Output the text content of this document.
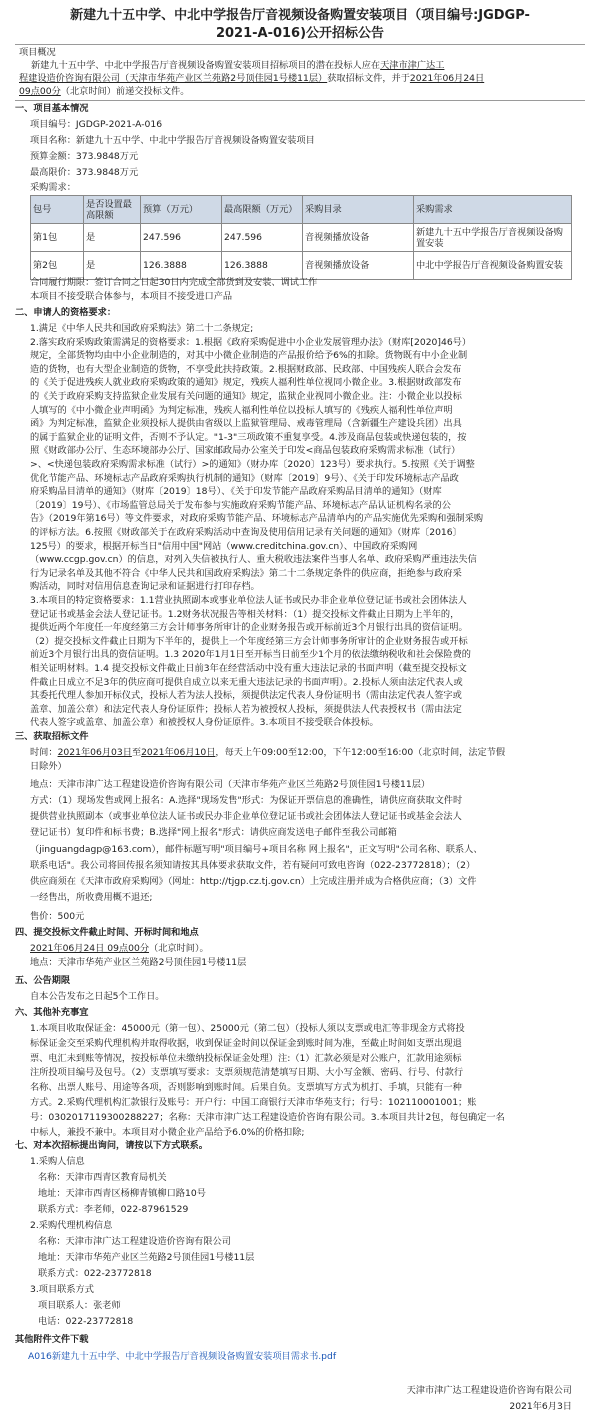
新建九十五中学、中北中学报告厅音视频设备购置安装项目（项目编号:JGDGP-
2021-A-016)公开招标公告
项目概况
新建九十五中学、中北中学报告厅音视频设备购置安装项目招标项目的潜在投标人应在天津市津广达工
程建设造价咨询有限公司（天津市华苑产业区兰苑路2号顶佳园1号楼11层）获取招标文件，并于2021年06月24日
09点00分（北京时间）前递交投标文件。
一、项目基本情况
项目编号：JGDGP-2021-A-016
项目名称：新建九十五中学、中北中学报告厅音视频设备购置安装项目
预算金额：373.9848万元
最高限价：373.9848万元
采购需求：
包号	是否设置最高限额	预算（万元）	最高限额（万元）	采购目录	采购需求
第1包	是	247.596	247.596	音视频播放设备	新建九十五中学报告厅音视频设备购置安装
第2包	是	126.3888	126.3888	音视频播放设备	中北中学报告厅音视频设备购置安装
合同履行期限：签订合同之日起30日内完成全部货到及安装、调试工作
本项目不接受联合体参与，本项目不接受进口产品
二、申请人的资格要求：
1.满足《中华人民共和国政府采购法》第二十二条规定;
2.落实政府采购政策需满足的资格要求：1.根据《政府采购促进中小企业发展管理办法》（财库[2020]46号）
规定，全部货物均由中小企业制造的，对其中小微企业制造的产品报价给予6%的扣除。货物既有中小企业制
造的货物，也有大型企业制造的货物，不享受此扶持政策。2.根据财政部、民政部、中国残疾人联合会发布
的《关于促进残疾人就业政府采购政策的通知》规定，残疾人福利性单位视同小微企业。3.根据财政部发布
的《关于政府采购支持监狱企业发展有关问题的通知》规定，监狱企业视同小微企业。注：小微企业以投标
人填写的《中小微企业声明函》为判定标准，残疾人福利性单位以投标人填写的《残疾人福利性单位声明
函》为判定标准，监狱企业须投标人提供由省级以上监狱管理局、戒毒管理局（含新疆生产建设兵团）出具
的属于监狱企业的证明文件，否则不予认定。"1-3"三项政策不重复享受。4.涉及商品包装或快递包装的，按
照《财政部办公厅、生态环境部办公厅、国家邮政局办公室关于印发<商品包装政府采购需求标准（试行）
>、<快递包装政府采购需求标准（试行）>的通知》（财办库〔2020〕123号）要求执行。5.按照《关于调整
优化节能产品、环境标志产品政府采购执行机制的通知》（财库〔2019〕9号）、《关于印发环境标志产品政
府采购品目清单的通知》（财库〔2019〕18号）、《关于印发节能产品政府采购品目清单的通知》（财库
〔2019〕19号）、《市场监管总局关于发布参与实施政府采购节能产品、环境标志产品认证机构名录的公
告》（2019年第16号）等文件要求，对政府采购节能产品、环境标志产品清单内的产品实施优先采购和强制采购
的评标方法。6.按照《财政部关于在政府采购活动中查询及使用信用记录有关问题的通知》（财库〔2016〕
125号）的要求，根据开标当日"信用中国"网站（www.creditchina.gov.cn）、中国政府采购网
（www.ccgp.gov.cn）的信息，对列入失信被执行人、重大税收违法案件当事人名单、政府采购严重违法失信
行为记录名单及其他不符合《中华人民共和国政府采购法》第二十二条规定条件的供应商，拒绝参与政府采
购活动，同时对信用信息查询记录和证据进行打印存档。
3.本项目的特定资格要求：1.1营业执照副本或事业单位法人证书或民办非企业单位登记证书或社会团体法人
登记证书或基金会法人登记证书。1.2财务状况报告等相关材料：（1）提交投标文件截止日期为上半年的，
提供近两个年度任一年度经第三方会计师事务所审计的企业财务报告或开标前近3个月银行出具的资信证明。
（2）提交投标文件截止日期为下半年的，提供上一个年度经第三方会计师事务所审计的企业财务报告或开标
前近3个月银行出具的资信证明。1.3 2020年1月1日至开标当日前至少1个月的依法缴纳税收和社会保险费的
相关证明材料。1.4 提交投标文件截止日前3年在经营活动中没有重大违法记录的书面声明（截至提交投标文
件截止日成立不足3年的供应商可提供自成立以来无重大违法记录的书面声明）。2.投标人须由法定代表人或
其委托代理人参加开标仪式，投标人若为法人投标，须提供法定代表人身份证明书（需由法定代表人签字或
盖章、加盖公章）和法定代表人身份证原件；投标人若为被授权人投标，须提供法人代表授权书（需由法定
代表人签字或盖章、加盖公章）和被授权人身份证原件。3.本项目不接受联合体投标。
三、获取招标文件
时间：2021年06月03日至2021年06月10日，每天上午09:00至12:00，下午12:00至16:00（北京时间，法定节假
日除外）
地点：天津市津广达工程建设造价咨询有限公司（天津市华苑产业区兰苑路2号顶佳园1号楼11层）
方式：（1）现场发售或网上报名：A.选择"现场发售"形式：为保证开票信息的准确性，请供应商获取文件时
提供营业执照副本（或事业单位法人证书或民办非企业单位登记证书或社会团体法人登记证书或基金会法人
登记证书）复印件和标书费；B.选择"网上报名"形式：请供应商发送电子邮件至我公司邮箱
（jinguangdagp@163.com），邮件标题写明"项目编号+项目名称 网上报名"，正文写明"公司名称、联系人、
联系电话"。我公司将回传报名须知请按其具体要求获取文件，若有疑问可致电咨询（022-23772818）；（2）
供应商须在《天津市政府采购网》（网址：http://tjgp.cz.tj.gov.cn）上完成注册并成为合格供应商；（3）文件
一经售出，所收费用概不退还;
售价：500元
四、提交投标文件截止时间、开标时间和地点
2021年06月24日 09点00分（北京时间）。
地点：天津市华苑产业区兰苑路2号顶佳园1号楼11层
五、公告期限
自本公告发布之日起5个工作日。
六、其他补充事宜
1.本项目收取保证金：45000元（第一包）、25000元（第二包）（投标人须以支票或电汇等非现金方式将投
标保证金交至采购代理机构并取得收据，收到保证金时间以保证金到账时间为准，至截止时间如支票出现退
票、电汇未到账等情况，按投标单位未缴纳投标保证金处理）注:（1）汇款必须是对公账户，汇款用途须标
注所投项目编号及包号。（2）支票填写要求：支票须规范清楚填写日期、大小写金额、密码、行号、付款行
名称、出票人账号、用途等各项，否则影响到账时间。后果自负。支票填写方式为机打、手填，只能有一种
方式。2.采购代理机构汇款银行及账号：开户行：中国工商银行天津市华苑支行；行号：102110001001；账
号：0302017119300288227；名称：天津市津广达工程建设造价咨询有限公司。3.本项目共计2包，每包确定一名
中标人，兼投不兼中。本项目对小微企业产品给予6.0%的价格扣除;
七、对本次招标提出询问，请按以下方式联系。
1.采购人信息
名称：天津市西青区教育局机关
地址：天津市西青区杨柳青镇柳口路10号
联系方式：李老师，022-87961529
2.采购代理机构信息
名称：天津市津广达工程建设造价咨询有限公司
地址：天津市华苑产业区兰苑路2号顶佳园1号楼11层
联系方式：022-23772818
3.项目联系方式
项目联系人：张老师
电话：022-23772818
其他附件文件下载
A016新建九十五中学、中北中学报告厅音视频设备购置安装项目需求书.pdf
天津市津广达工程建设造价咨询有限公司
2021年6月3日
